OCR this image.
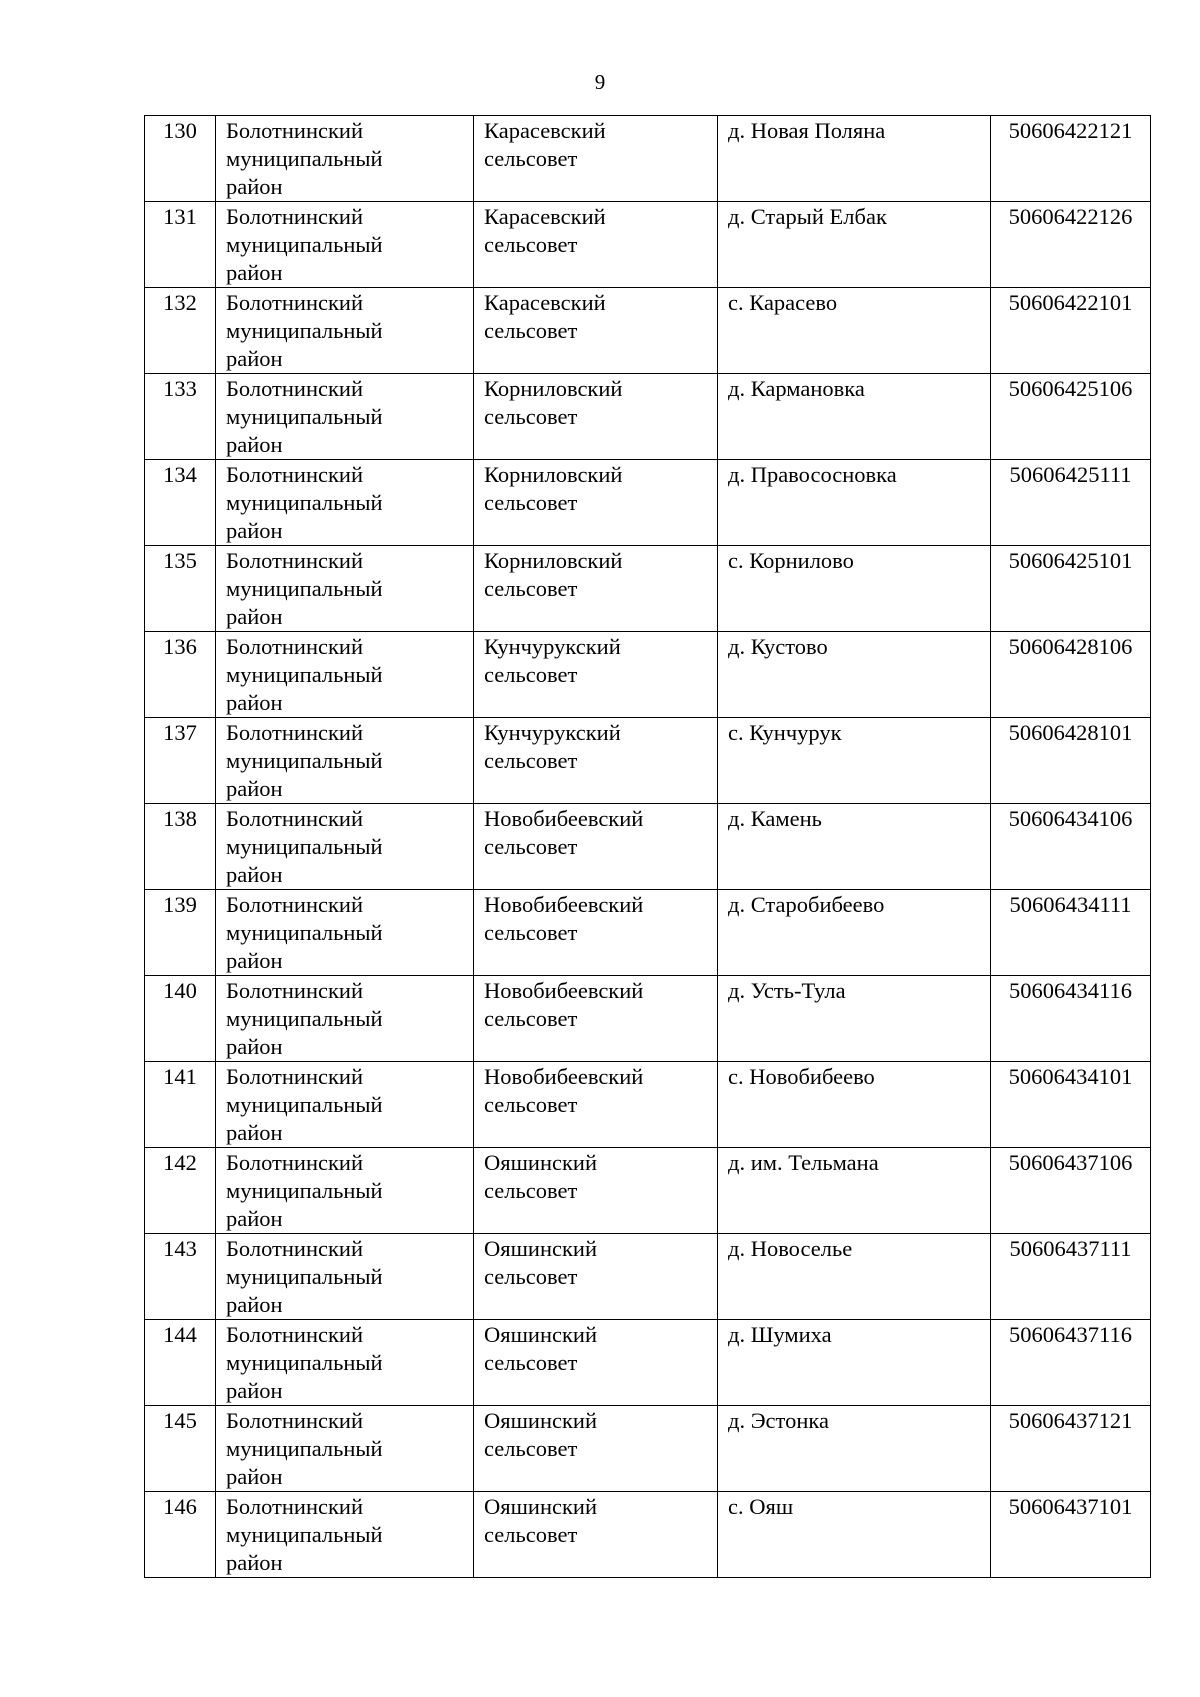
9
130	Болотнинский муниципальный район	Карасевский сельсовет	д. Новая Поляна	50606422121
131	Болотнинский муниципальный район	Карасевский сельсовет	д. Старый Елбак	50606422126
132	Болотнинский муниципальный район	Карасевский сельсовет	с. Карасево	50606422101
133	Болотнинский муниципальный район	Корниловский сельсовет	д. Кармановка	50606425106
134	Болотнинский муниципальный район	Корниловский сельсовет	д. Правососновка	50606425111
135	Болотнинский муниципальный район	Корниловский сельсовет	с. Корнилово	50606425101
136	Болотнинский муниципальный район	Кунчурукский сельсовет	д. Кустово	50606428106
137	Болотнинский муниципальный район	Кунчурукский сельсовет	с. Кунчурук	50606428101
138	Болотнинский муниципальный район	Новобибеевский сельсовет	д. Камень	50606434106
139	Болотнинский муниципальный район	Новобибеевский сельсовет	д. Старобибеево	50606434111
140	Болотнинский муниципальный район	Новобибеевский сельсовет	д. Усть-Тула	50606434116
141	Болотнинский муниципальный район	Новобибеевский сельсовет	с. Новобибеево	50606434101
142	Болотнинский муниципальный район	Ояшинский сельсовет	д. им. Тельмана	50606437106
143	Болотнинский муниципальный район	Ояшинский сельсовет	д. Новоселье	50606437111
144	Болотнинский муниципальный район	Ояшинский сельсовет	д. Шумиха	50606437116
145	Болотнинский муниципальный район	Ояшинский сельсовет	д. Эстонка	50606437121
146	Болотнинский муниципальный район	Ояшинский сельсовет	с. Ояш	50606437101
